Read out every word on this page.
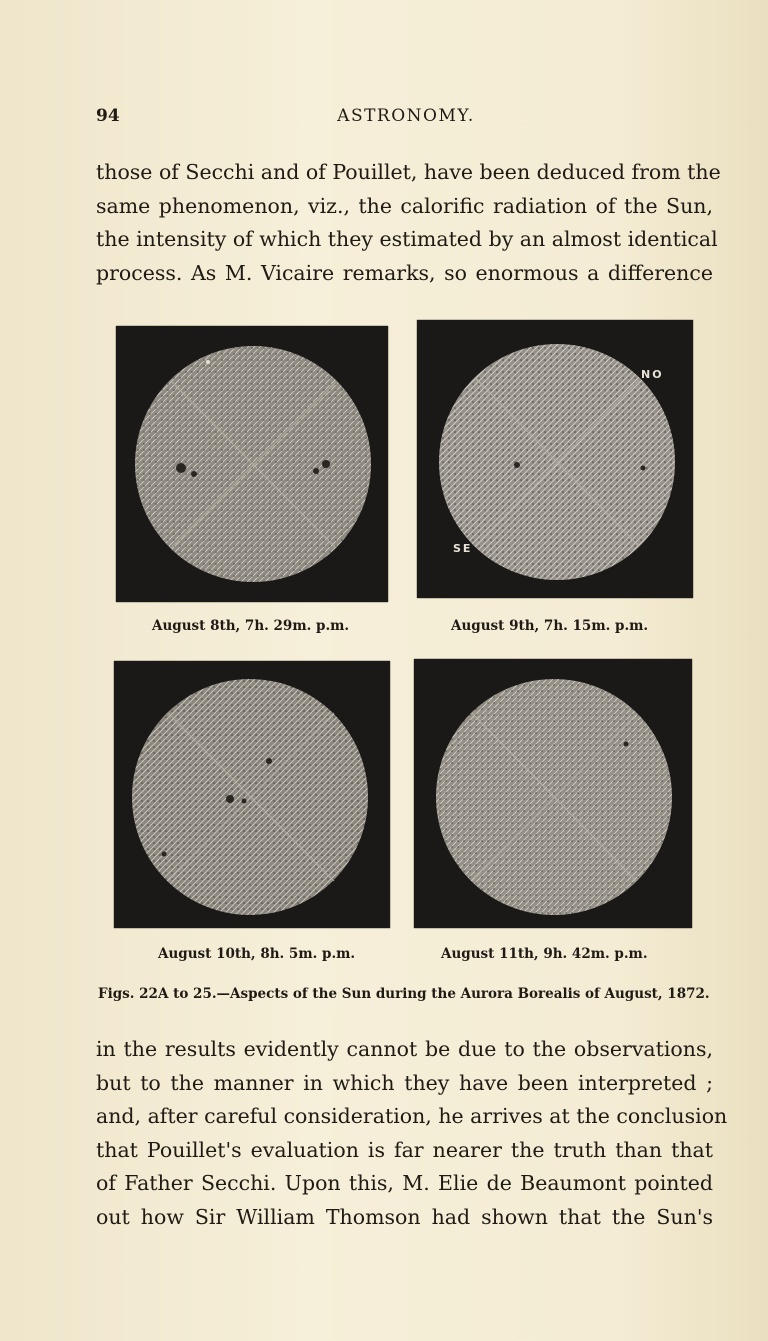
94	ASTRONOMY.
those of Secchi and of Pouillet, have been deduced from the
same phenomenon, viz., the calorific radiation of the Sun,
the intensity of which they estimated by an almost identical
process. As M. Vicaire remarks, so enormous a difference
NO
SE
August 8th, 7h. 29m. p.m.	August 9th, 7h. 15m. p.m.
August 10th, 8h. 5m. p.m.	August 11th, 9h. 42m. p.m.
Figs. 22A to 25.—Aspects of the Sun during the Aurora Borealis of August, 1872.
in the results evidently cannot be due to the observations,
but to the manner in which they have been interpreted ;
and, after careful consideration, he arrives at the conclusion
that Pouillet's evaluation is far nearer the truth than that
of Father Secchi. Upon this, M. Elie de Beaumont pointed
out how Sir William Thomson had shown that the Sun's
